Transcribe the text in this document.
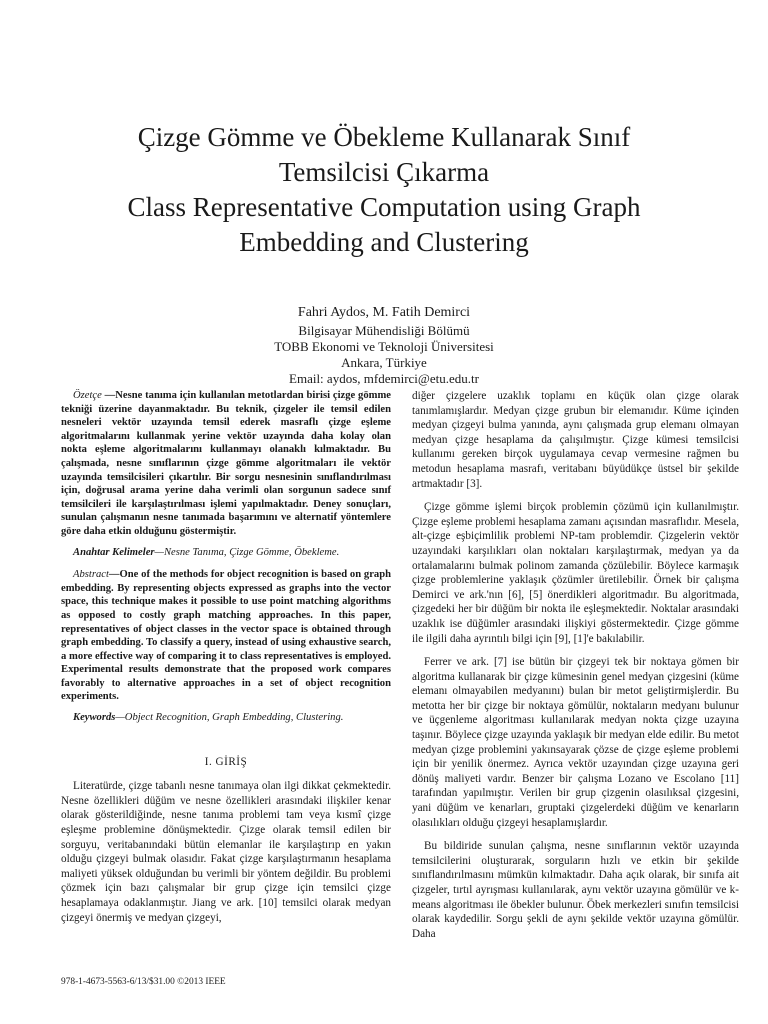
Çizge Gömme ve Öbekleme Kullanarak Sınıf
Temsilcisi Çıkarma
Class Representative Computation using Graph
Embedding and Clustering
Fahri Aydos, M. Fatih Demirci
Bilgisayar Mühendisliği Bölümü
TOBB Ekonomi ve Teknoloji Üniversitesi
Ankara, Türkiye
Email: aydos, mfdemirci@etu.edu.tr

Özetçe —Nesne tanıma için kullanılan metotlardan birisi çizge gömme tekniği üzerine dayanmaktadır. Bu teknik, çizgeler ile temsil edilen nesneleri vektör uzayında temsil ederek masraflı çizge eşleme algoritmalarını kullanmak yerine vektör uzayında daha kolay olan nokta eşleme algoritmalarını kullanmayı olanaklı kılmaktadır. Bu çalışmada, nesne sınıflarının çizge gömme algoritmaları ile vektör uzayında temsilcisileri çıkartılır. Bir sorgu nesnesinin sınıflandırılması için, doğrusal arama yerine daha verimli olan sorgunun sadece sınıf temsilcileri ile karşılaştırılması işlemi yapılmaktadır. Deney sonuçları, sunulan çalışmanın nesne tanımada başarımını ve alternatif yöntemlere göre daha etkin olduğunu göstermiştir.

Anahtar Kelimeler—Nesne Tanıma, Çizge Gömme, Öbekleme.

Abstract—One of the methods for object recognition is based on graph embedding. By representing objects expressed as graphs into the vector space, this technique makes it possible to use point matching algorithms as opposed to costly graph matching approaches. In this paper, representatives of object classes in the vector space is obtained through graph embedding. To classify a query, instead of using exhaustive search, a more effective way of comparing it to class representatives is employed. Experimental results demonstrate that the proposed work compares favorably to alternative approaches in a set of object recognition experiments.

Keywords—Object Recognition, Graph Embedding, Clustering.

I. GİRİŞ

Literatürde, çizge tabanlı nesne tanımaya olan ilgi dikkat çekmektedir. Nesne özellikleri düğüm ve nesne özellikleri arasındaki ilişkiler kenar olarak gösterildiğinde, nesne tanıma problemi tam veya kısmî çizge eşleşme problemine dönüşmektedir. Çizge olarak temsil edilen bir sorguyu, veritabanındaki bütün elemanlar ile karşılaştırıp en yakın olduğu çizgeyi bulmak olasıdır. Fakat çizge karşılaştırmanın hesaplama maliyeti yüksek olduğundan bu verimli bir yöntem değildir. Bu problemi çözmek için bazı çalışmalar bir grup çizge için temsilci çizge hesaplamaya odaklanmıştır. Jiang ve ark. [10] temsilci olarak medyan çizgeyi önermiş ve medyan çizgeyi,

diğer çizgelere uzaklık toplamı en küçük olan çizge olarak tanımlamışlardır. Medyan çizge grubun bir elemanıdır. Küme içinden medyan çizgeyi bulma yanında, aynı çalışmada grup elemanı olmayan medyan çizge hesaplama da çalışılmıştır. Çizge kümesi temsilcisi kullanımı gereken birçok uygulamaya cevap vermesine rağmen bu metodun hesaplama masrafı, veritabanı büyüdükçe üstsel bir şekilde artmaktadır [3].

Çizge gömme işlemi birçok problemin çözümü için kullanılmıştır. Çizge eşleme problemi hesaplama zamanı açısından masraflıdır. Mesela, alt-çizge eşbiçimlilik problemi NP-tam problemdir. Çizgelerin vektör uzayındaki karşılıkları olan noktaları karşılaştırmak, medyan ya da ortalamalarını bulmak polinom zamanda çözülebilir. Böylece karmaşık çizge problemlerine yaklaşık çözümler üretilebilir. Örnek bir çalışma Demirci ve ark.'nın [6], [5] önerdikleri algoritmadır. Bu algoritmada, çizgedeki her bir düğüm bir nokta ile eşleşmektedir. Noktalar arasındaki uzaklık ise düğümler arasındaki ilişkiyi göstermektedir. Çizge gömme ile ilgili daha ayrıntılı bilgi için [9], [1]'e bakılabilir.

Ferrer ve ark. [7] ise bütün bir çizgeyi tek bir noktaya gömen bir algoritma kullanarak bir çizge kümesinin genel medyan çizgesini (küme elemanı olmayabilen medyanını) bulan bir metot geliştirmişlerdir. Bu metotta her bir çizge bir noktaya gömülür, noktaların medyanı bulunur ve üçgenleme algoritması kullanılarak medyan nokta çizge uzayına taşınır. Böylece çizge uzayında yaklaşık bir medyan elde edilir. Bu metot medyan çizge problemini yakınsayarak çözse de çizge eşleme problemi için bir yenilik önermez. Ayrıca vektör uzayından çizge uzayına geri dönüş maliyeti vardır. Benzer bir çalışma Lozano ve Escolano [11] tarafından yapılmıştır. Verilen bir grup çizgenin olasılıksal çizgesini, yani düğüm ve kenarları, gruptaki çizgelerdeki düğüm ve kenarların olasılıkları olduğu çizgeyi hesaplamışlardır.

Bu bildiride sunulan çalışma, nesne sınıflarının vektör uzayında temsilcilerini oluşturarak, sorguların hızlı ve etkin bir şekilde sınıflandırılmasını mümkün kılmaktadır. Daha açık olarak, bir sınıfa ait çizgeler, tırtıl ayrışması kullanılarak, aynı vektör uzayına gömülür ve k-means algoritması ile öbekler bulunur. Öbek merkezleri sınıfın temsilcisi olarak kaydedilir. Sorgu şekli de aynı şekilde vektör uzayına gömülür. Daha

978-1-4673-5563-6/13/$31.00 ©2013 IEEE
